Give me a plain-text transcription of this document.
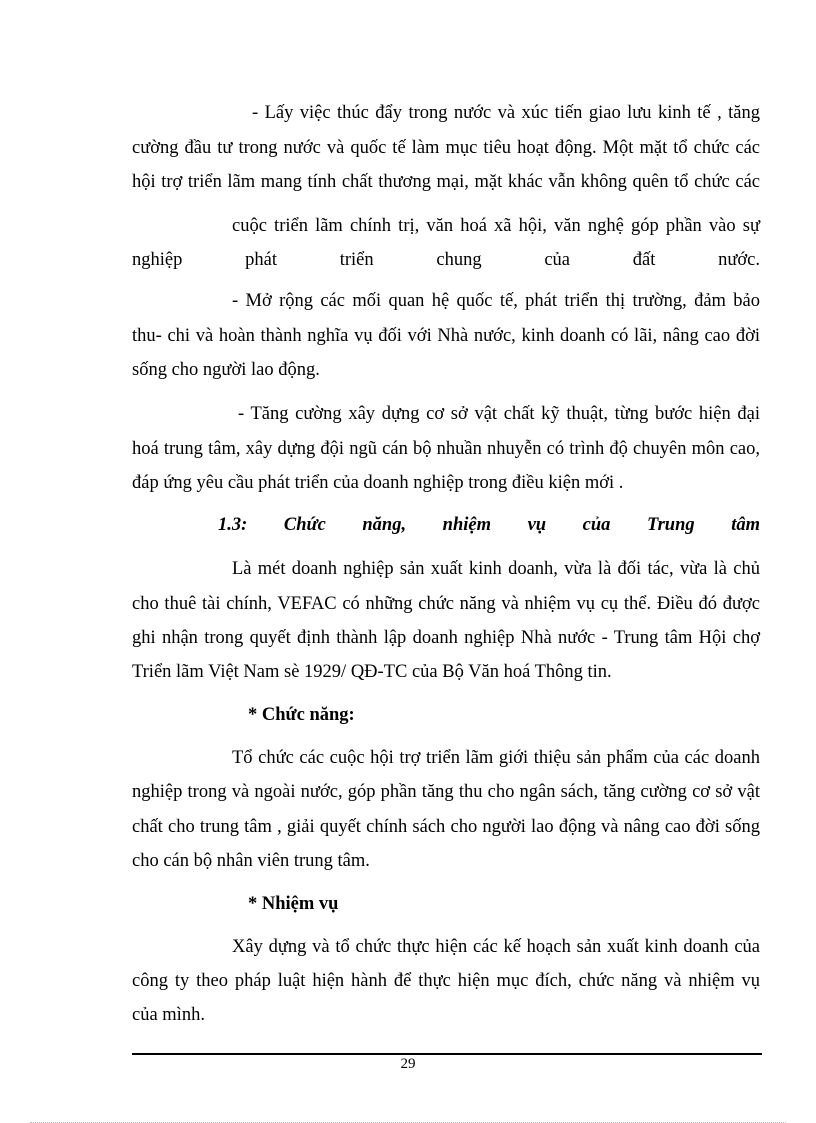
- Lấy việc thúc đẩy trong nước và xúc tiến giao lưu kinh tế , tăng
cường đầu tư trong nước và quốc tế làm mục tiêu hoạt động. Một mặt tổ chức các
hội trợ triển lãm mang tính chất thương mại, mặt khác vẫn không quên tổ chức các
cuộc triển lãm chính trị, văn hoá xã hội, văn nghệ góp phần vào sự
nghiệp phát triển chung của đất nước.
- Mở rộng các mối quan hệ quốc tế, phát triển thị trường, đảm bảo
thu- chi và hoàn thành nghĩa vụ đối với Nhà nước, kinh doanh có lãi, nâng cao đời
sống cho người lao động.
- Tăng cường xây dựng cơ sở vật chất kỹ thuật, từng bước hiện đại
hoá trung tâm, xây dựng đội ngũ cán bộ nhuần nhuyễn có trình độ chuyên môn cao,
đáp ứng yêu cầu phát triển của doanh nghiệp trong điều kiện mới .
1.3: Chức năng, nhiệm vụ của Trung tâm
Là mét doanh nghiệp sản xuất kinh doanh, vừa là đối tác, vừa là chủ
cho thuê tài chính, VEFAC có những chức năng và nhiệm vụ cụ thể. Điều đó được
ghi nhận trong quyết định thành lập doanh nghiệp Nhà nước - Trung tâm Hội chợ
Triển lãm Việt Nam sè 1929/ QĐ-TC của Bộ Văn hoá Thông tin.
* Chức năng:
Tổ chức các cuộc hội trợ triển lãm giới thiệu sản phẩm của các doanh
nghiệp trong và ngoài nước, góp phần tăng thu cho ngân sách, tăng cường cơ sở vật
chất cho trung tâm , giải quyết chính sách cho người lao động và nâng cao đời sống
cho cán bộ nhân viên trung tâm.
* Nhiệm vụ
Xây dựng và tổ chức thực hiện các kế hoạch sản xuất kinh doanh của
công ty theo pháp luật hiện hành để thực hiện mục đích, chức năng và nhiệm vụ
của mình.
29
